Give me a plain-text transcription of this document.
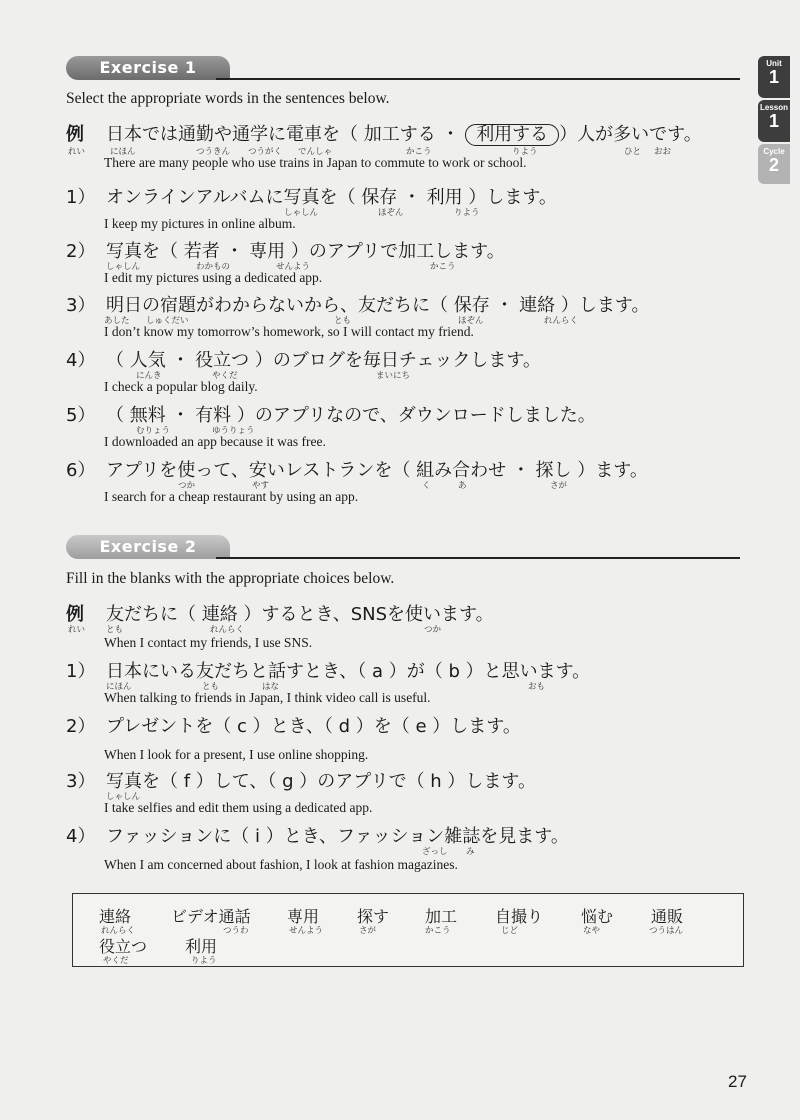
Unit
1
Lesson
1
Cycle
2
Exercise 1
Select the appropriate words in the sentences below.
例 日本では通勤や通学に電車を（ 加工する ・ 利用する ）人が多いです。
れい	にほん	つうきん つうがく でんしゃ	かこう	りよう	ひと おお
There are many people who use trains in Japan to commute to work or school.
1） オンラインアルバムに写真を（ 保存 ・ 利用 ）します。
しゃしん	ほぞん	りよう
I keep my pictures in online album.
2） 写真を（ 若者 ・ 専用 ）のアプリで加工します。
しゃしん	わかもの	せんよう	かこう
I edit my pictures using a dedicated app.
3） 明日の宿題がわからないから、友だちに（ 保存 ・ 連絡 ）します。
あした しゅくだい	とも	ほぞん	れんらく
I don’t know my tomorrow’s homework, so I will contact my friend.
4） （ 人気 ・ 役立つ ）のブログを毎日チェックします。
にんき	やくだ	まいにち
I check a popular blog daily.
5） （ 無料 ・ 有料 ）のアプリなので、ダウンロードしました。
むりょう	ゆうりょう
I downloaded an app because it was free.
6） アプリを使って、安いレストランを（ 組み合わせ ・ 探し ）ます。
つか	やす	く	あ	さが
I search for a cheap restaurant by using an app.
Exercise 2
Fill in the blanks with the appropriate choices below.
例 友だちに（ 連絡 ）するとき、SNSを使います。
れい とも	れんらく	つか
When I contact my friends, I use SNS.
1） 日本にいる友だちと話すとき、（ a ）が（ b ）と思います。
にほん	とも	はな	おも
When talking to friends in Japan, I think video call is useful.
2） プレゼントを（ c ）とき、（ d ）を（ e ）します。
When I look for a present, I use online shopping.
3） 写真を（ f ）して、（ g ）のアプリで（ h ）します。
しゃしん
I take selfies and edit them using a dedicated app.
4） ファッションに（ i ）とき、ファッション雑誌を見ます。
ざっし み
When I am concerned about fashion, I look at fashion magazines.
連絡
れんらく
ビデオ通話
つうわ
専用
せんよう
探す
さが
加工
かこう
自撮り
じど
悩む
なや
通販
つうはん
役立つ
やくだ
利用
りよう
27
